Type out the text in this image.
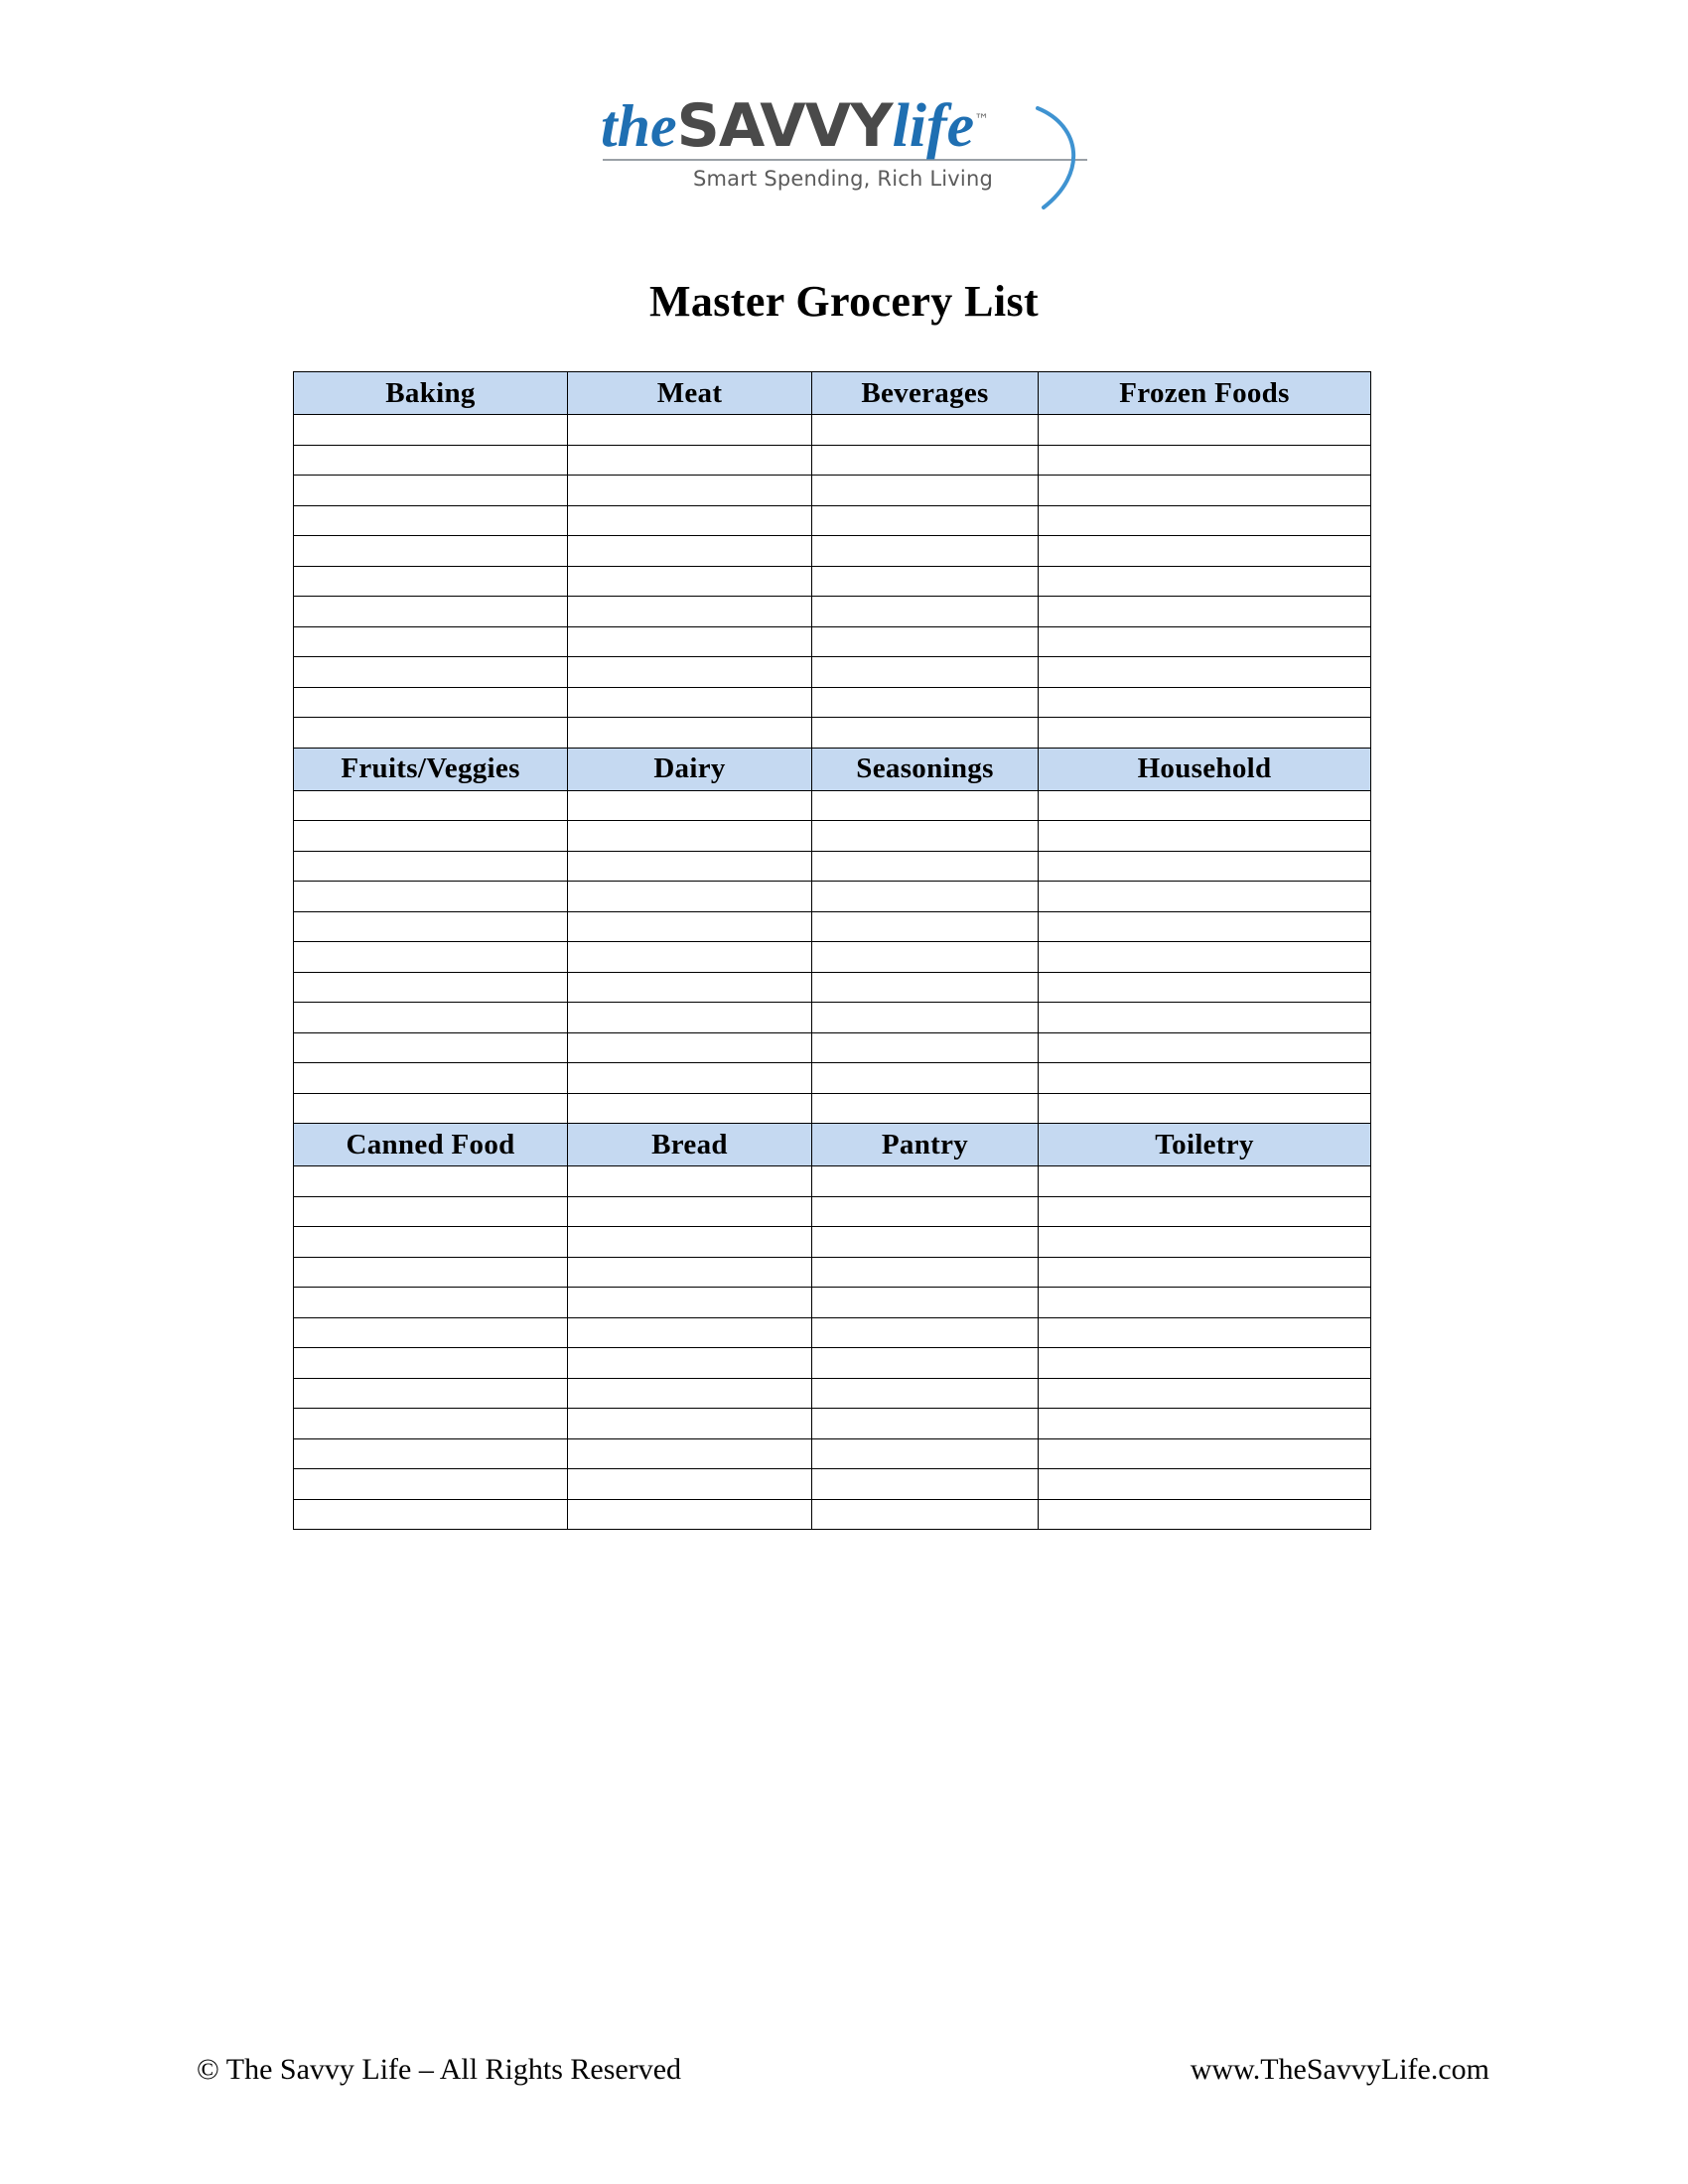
theSAVVYlife™
Smart Spending, Rich Living
Master Grocery List
Baking	Meat	Beverages	Frozen Foods

Fruits/Veggies	Dairy	Seasonings	Household

Canned Food	Bread	Pantry	Toiletry

© The Savvy Life – All Rights Reserved	www.TheSavvyLife.com
